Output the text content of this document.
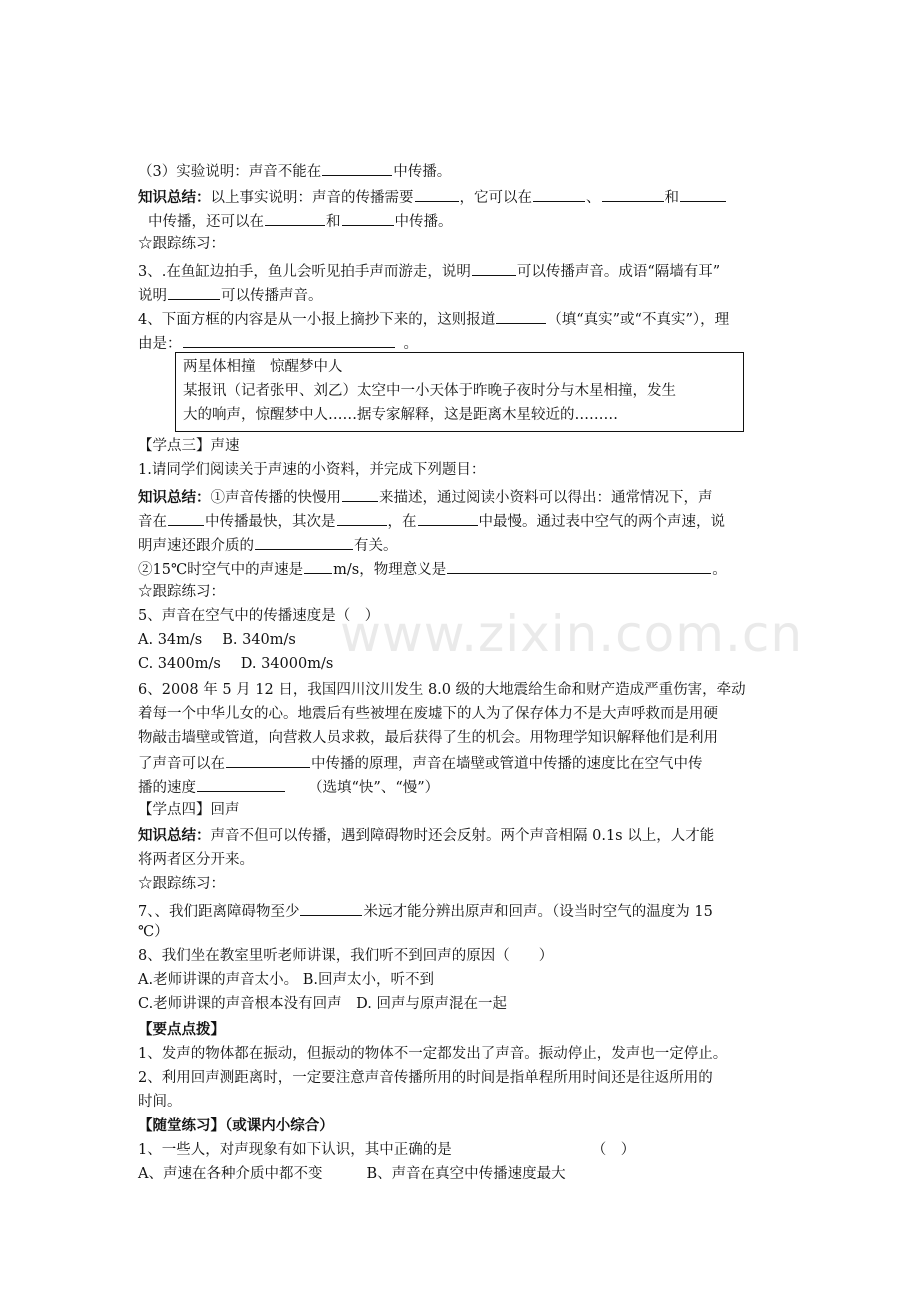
（3）实验说明：声音不能在	中传播。
知识总结：以上事实说明：声音的传播需要	，它可以在	、	和
中传播，还可以在	和	中传播。
☆跟踪练习：
3、.在鱼缸边拍手，鱼儿会听见拍手声而游走，说明	可以传播声音。成语“隔墙有耳”
说明	可以传播声音。
4、下面方框的内容是从一小报上摘抄下来的，这则报道	（填“真实”或“不真实”），理
由是：	。
两星体相撞　惊醒梦中人
某报讯（记者张甲、刘乙）太空中一小天体于昨晚子夜时分与木星相撞，发生
大的响声，惊醒梦中人……据专家解释，这是距离木星较近的………
【学点三】声速
1.请同学们阅读关于声速的小资料，并完成下列题目：
知识总结：①声音传播的快慢用	来描述，通过阅读小资料可以得出：通常情况下，声
音在	中传播最快，其次是	，在	中最慢。通过表中空气的两个声速，说
明声速还跟介质的	有关。
②15℃时空气中的声速是 m/s，物理意义是	。
☆跟踪练习：
5、声音在空气中的传播速度是（　）
A. 34m/s B. 340m/s
C. 3400m/s D. 34000m/s
6、2008 年 5 月 12 日，我国四川汶川发生 8.0 级的大地震给生命和财产造成严重伤害，牵动
着每一个中华儿女的心。地震后有些被埋在废墟下的人为了保存体力不是大声呼救而是用硬
物敲击墙壁或管道，向营救人员求救，最后获得了生的机会。用物理学知识解释他们是利用
了声音可以在	中传播的原理，声音在墙壁或管道中传播的速度比在空气中传
播的速度	（选填“快”、“慢”）
【学点四】回声
知识总结：声音不但可以传播，遇到障碍物时还会反射。两个声音相隔 0.1s 以上，人才能
将两者区分开来。
☆跟踪练习：
7、、我们距离障碍物至少	米远才能分辨出原声和回声。（设当时空气的温度为 15
℃）
8、我们坐在教室里听老师讲课，我们听不到回声的原因（　　）
A.老师讲课的声音太小。 B.回声太小，听不到
C.老师讲课的声音根本没有回声　D. 回声与原声混在一起
【要点点拨】
1、发声的物体都在振动，但振动的物体不一定都发出了声音。振动停止，发声也一定停止。
2、利用回声测距离时，一定要注意声音传播所用的时间是指单程所用时间还是往返所用的
时间。
【随堂练习】（或课内小综合）
1、一些人，对声现象有如下认识，其中正确的是	（　）
A、声速在各种介质中都不变	B、声音在真空中传播速度最大
www.zixin.com.cn
